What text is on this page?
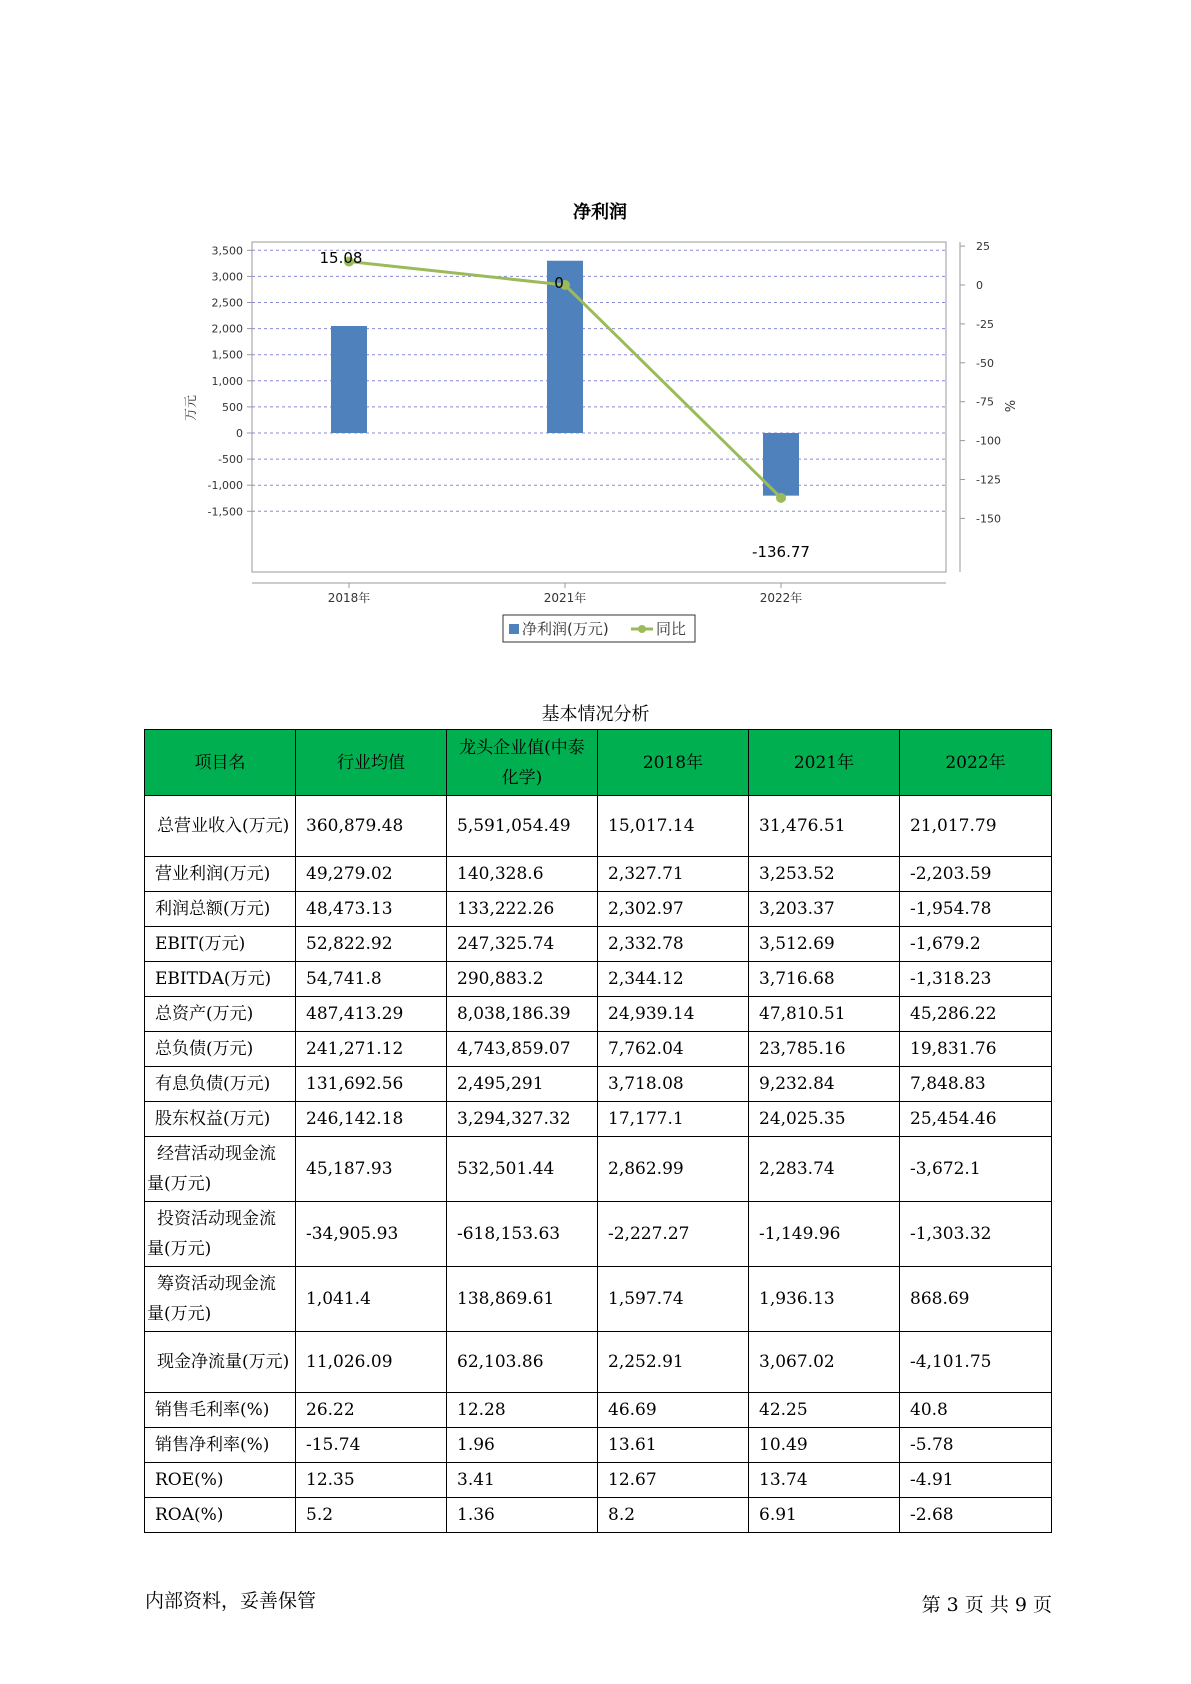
净利润
3,500
3,000
2,500
2,000
1,500
1,000
500
0
-500
-1,000
-1,500
25
0
-25
-50
-75
-100
-125
-150
2018年	2021年	2022年
15.08
0
-136.77
万元	%
净利润(万元)	同比
基本情况分析
项目名	行业均值	龙头企业值(中泰化学)	2018年	2021年	2022年
总营业收入(万元)	360,879.48	5,591,054.49	15,017.14	31,476.51	21,017.79
营业利润(万元)	49,279.02	140,328.6	2,327.71	3,253.52	-2,203.59
利润总额(万元)	48,473.13	133,222.26	2,302.97	3,203.37	-1,954.78
EBIT(万元)	52,822.92	247,325.74	2,332.78	3,512.69	-1,679.2
EBITDA(万元)	54,741.8	290,883.2	2,344.12	3,716.68	-1,318.23
总资产(万元)	487,413.29	8,038,186.39	24,939.14	47,810.51	45,286.22
总负债(万元)	241,271.12	4,743,859.07	7,762.04	23,785.16	19,831.76
有息负债(万元)	131,692.56	2,495,291	3,718.08	9,232.84	7,848.83
股东权益(万元)	246,142.18	3,294,327.32	17,177.1	24,025.35	25,454.46
经营活动现金流量(万元)	45,187.93	532,501.44	2,862.99	2,283.74	-3,672.1
投资活动现金流量(万元)	-34,905.93	-618,153.63	-2,227.27	-1,149.96	-1,303.32
筹资活动现金流量(万元)	1,041.4	138,869.61	1,597.74	1,936.13	868.69
现金净流量(万元)	11,026.09	62,103.86	2,252.91	3,067.02	-4,101.75
销售毛利率(%)	26.22	12.28	46.69	42.25	40.8
销售净利率(%)	-15.74	1.96	13.61	10.49	-5.78
ROE(%)	12.35	3.41	12.67	13.74	-4.91
ROA(%)	5.2	1.36	8.2	6.91	-2.68
内部资料，妥善保管	第 3 页 共 9 页
